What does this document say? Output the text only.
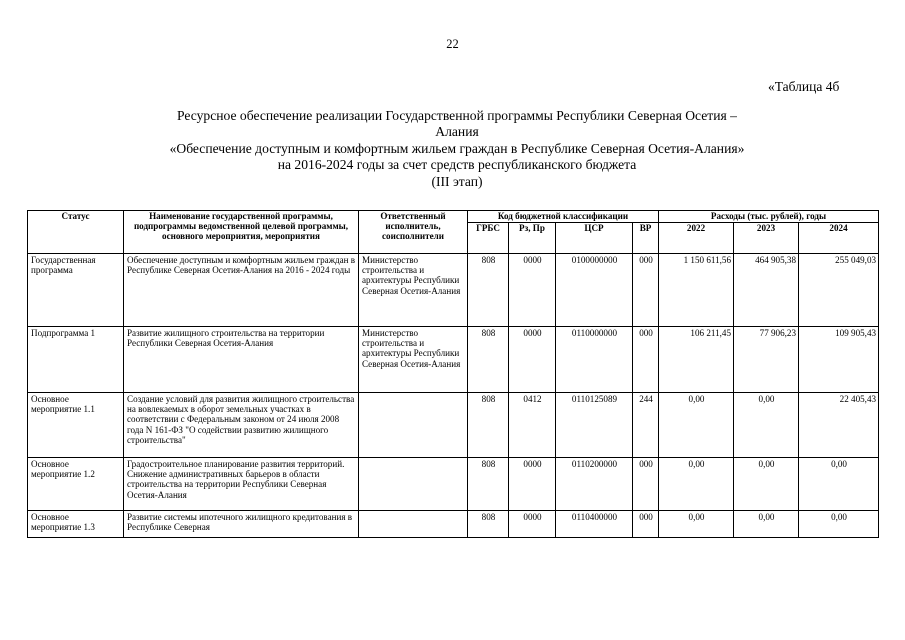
22
«Таблица 4б
Ресурсное обеспечение реализации Государственной программы Республики Северная Осетия –
Алания
«Обеспечение доступным и комфортным жильем граждан в Республике Северная Осетия-Алания»
на 2016-2024 годы за счет средств республиканского бюджета
(III этап)
Статус	Наименование государственной программы, подпрограммы ведомственной целевой программы, основного мероприятия, мероприятия	Ответственный исполнитель, соисполнители	Код бюджетной классификации				Расходы (тыс. рублей), годы		
			ГРБС	Рз, Пр	ЦСР	ВР	2022	2023	2024
Государственная программа	Обеспечение доступным и комфортным жильем граждан в Республике Северная Осетия-Алания на 2016 - 2024 годы	Министерство строительства и архитектуры Республики Северная Осетия-Алания	808	0000	0100000000	000	1 150 611,56	464 905,38	255 049,03
Подпрограмма 1	Развитие жилищного строительства на территории Республики Северная Осетия-Алания	Министерство строительства и архитектуры Республики Северная Осетия-Алания	808	0000	0110000000	000	106 211,45	77 906,23	109 905,43
Основное мероприятие 1.1	Создание условий для развития жилищного строительства на вовлекаемых в оборот земельных участках в соответствии с Федеральным законом от 24 июля 2008 года N 161-ФЗ "О содействии развитию жилищного строительства"		808	0412	0110125089	244	0,00	0,00	22 405,43
Основное мероприятие 1.2	Градостроительное планирование развития территорий. Снижение административных барьеров в области строительства на территории Республики Северная Осетия-Алания		808	0000	0110200000	000	0,00	0,00	0,00
Основное мероприятие 1.3	Развитие системы ипотечного жилищного кредитования в Республике Северная		808	0000	0110400000	000	0,00	0,00	0,00
